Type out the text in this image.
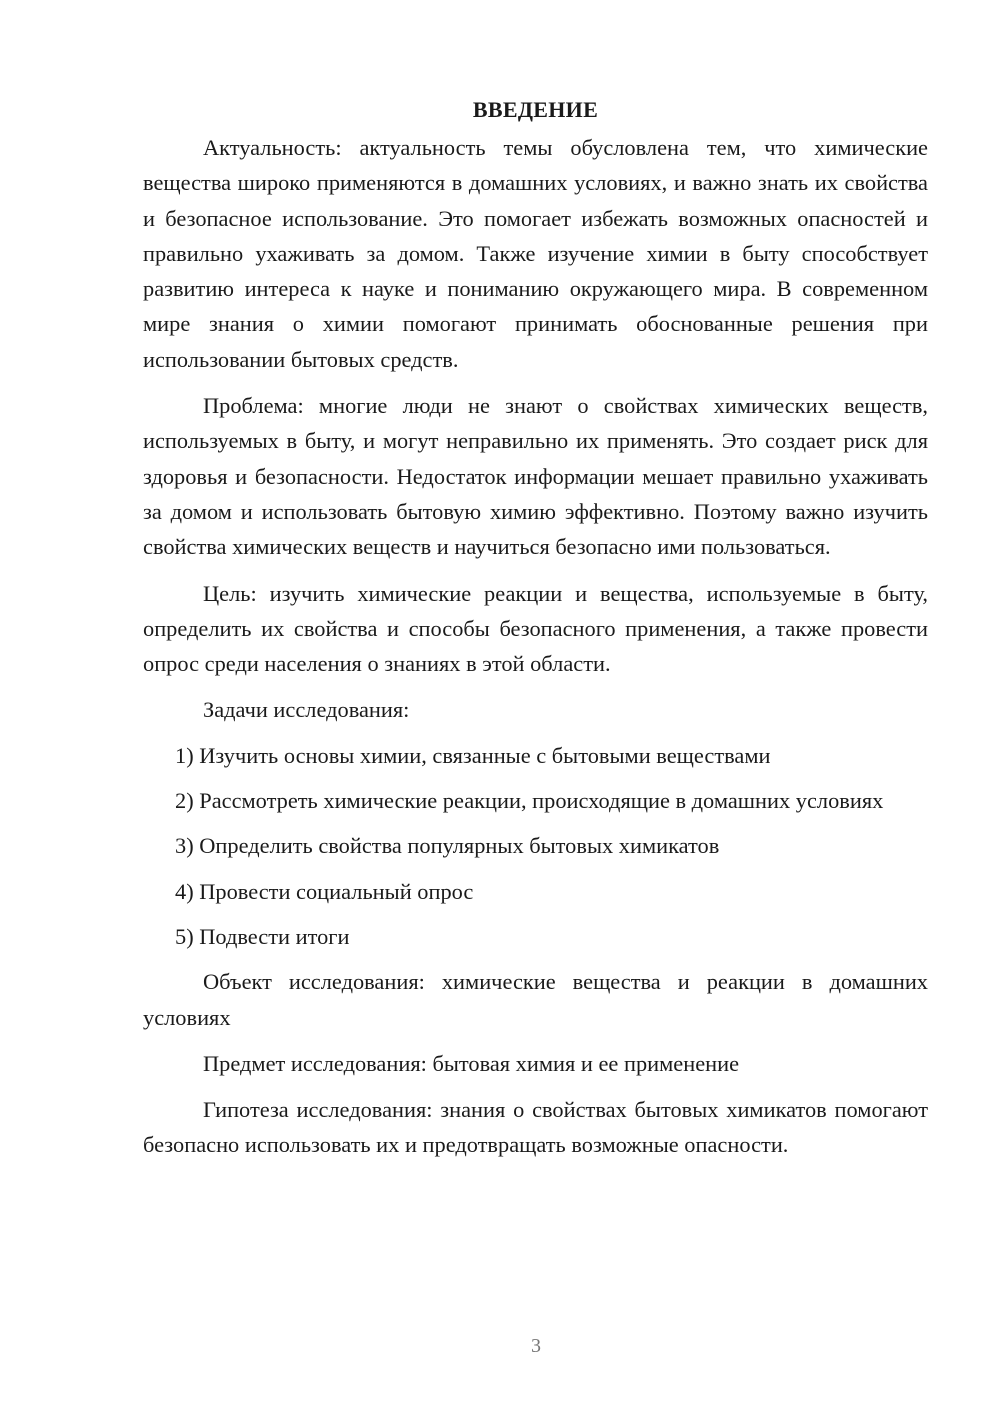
ВВЕДЕНИЕ

Актуальность: актуальность темы обусловлена тем, что химические вещества широко применяются в домашних условиях, и важно знать их свойства и безопасное использование. Это помогает избежать возможных опасностей и правильно ухаживать за домом. Также изучение химии в быту способствует развитию интереса к науке и пониманию окружающего мира. В современном мире знания о химии помогают принимать обоснованные решения при использовании бытовых средств.

Проблема: многие люди не знают о свойствах химических веществ, используемых в быту, и могут неправильно их применять. Это создает риск для здоровья и безопасности. Недостаток информации мешает правильно ухаживать за домом и использовать бытовую химию эффективно. Поэтому важно изучить свойства химических веществ и научиться безопасно ими пользоваться.

Цель: изучить химические реакции и вещества, используемые в быту, определить их свойства и способы безопасного применения, а также провести опрос среди населения о знаниях в этой области.

Задачи исследования:

1) Изучить основы химии, связанные с бытовыми веществами

2) Рассмотреть химические реакции, происходящие в домашних условиях

3) Определить свойства популярных бытовых химикатов

4) Провести социальный опрос

5) Подвести итоги

Объект исследования: химические вещества и реакции в домашних условиях

Предмет исследования: бытовая химия и ее применение

Гипотеза исследования: знания о свойствах бытовых химикатов помогают безопасно использовать их и предотвращать возможные опасности.

3
